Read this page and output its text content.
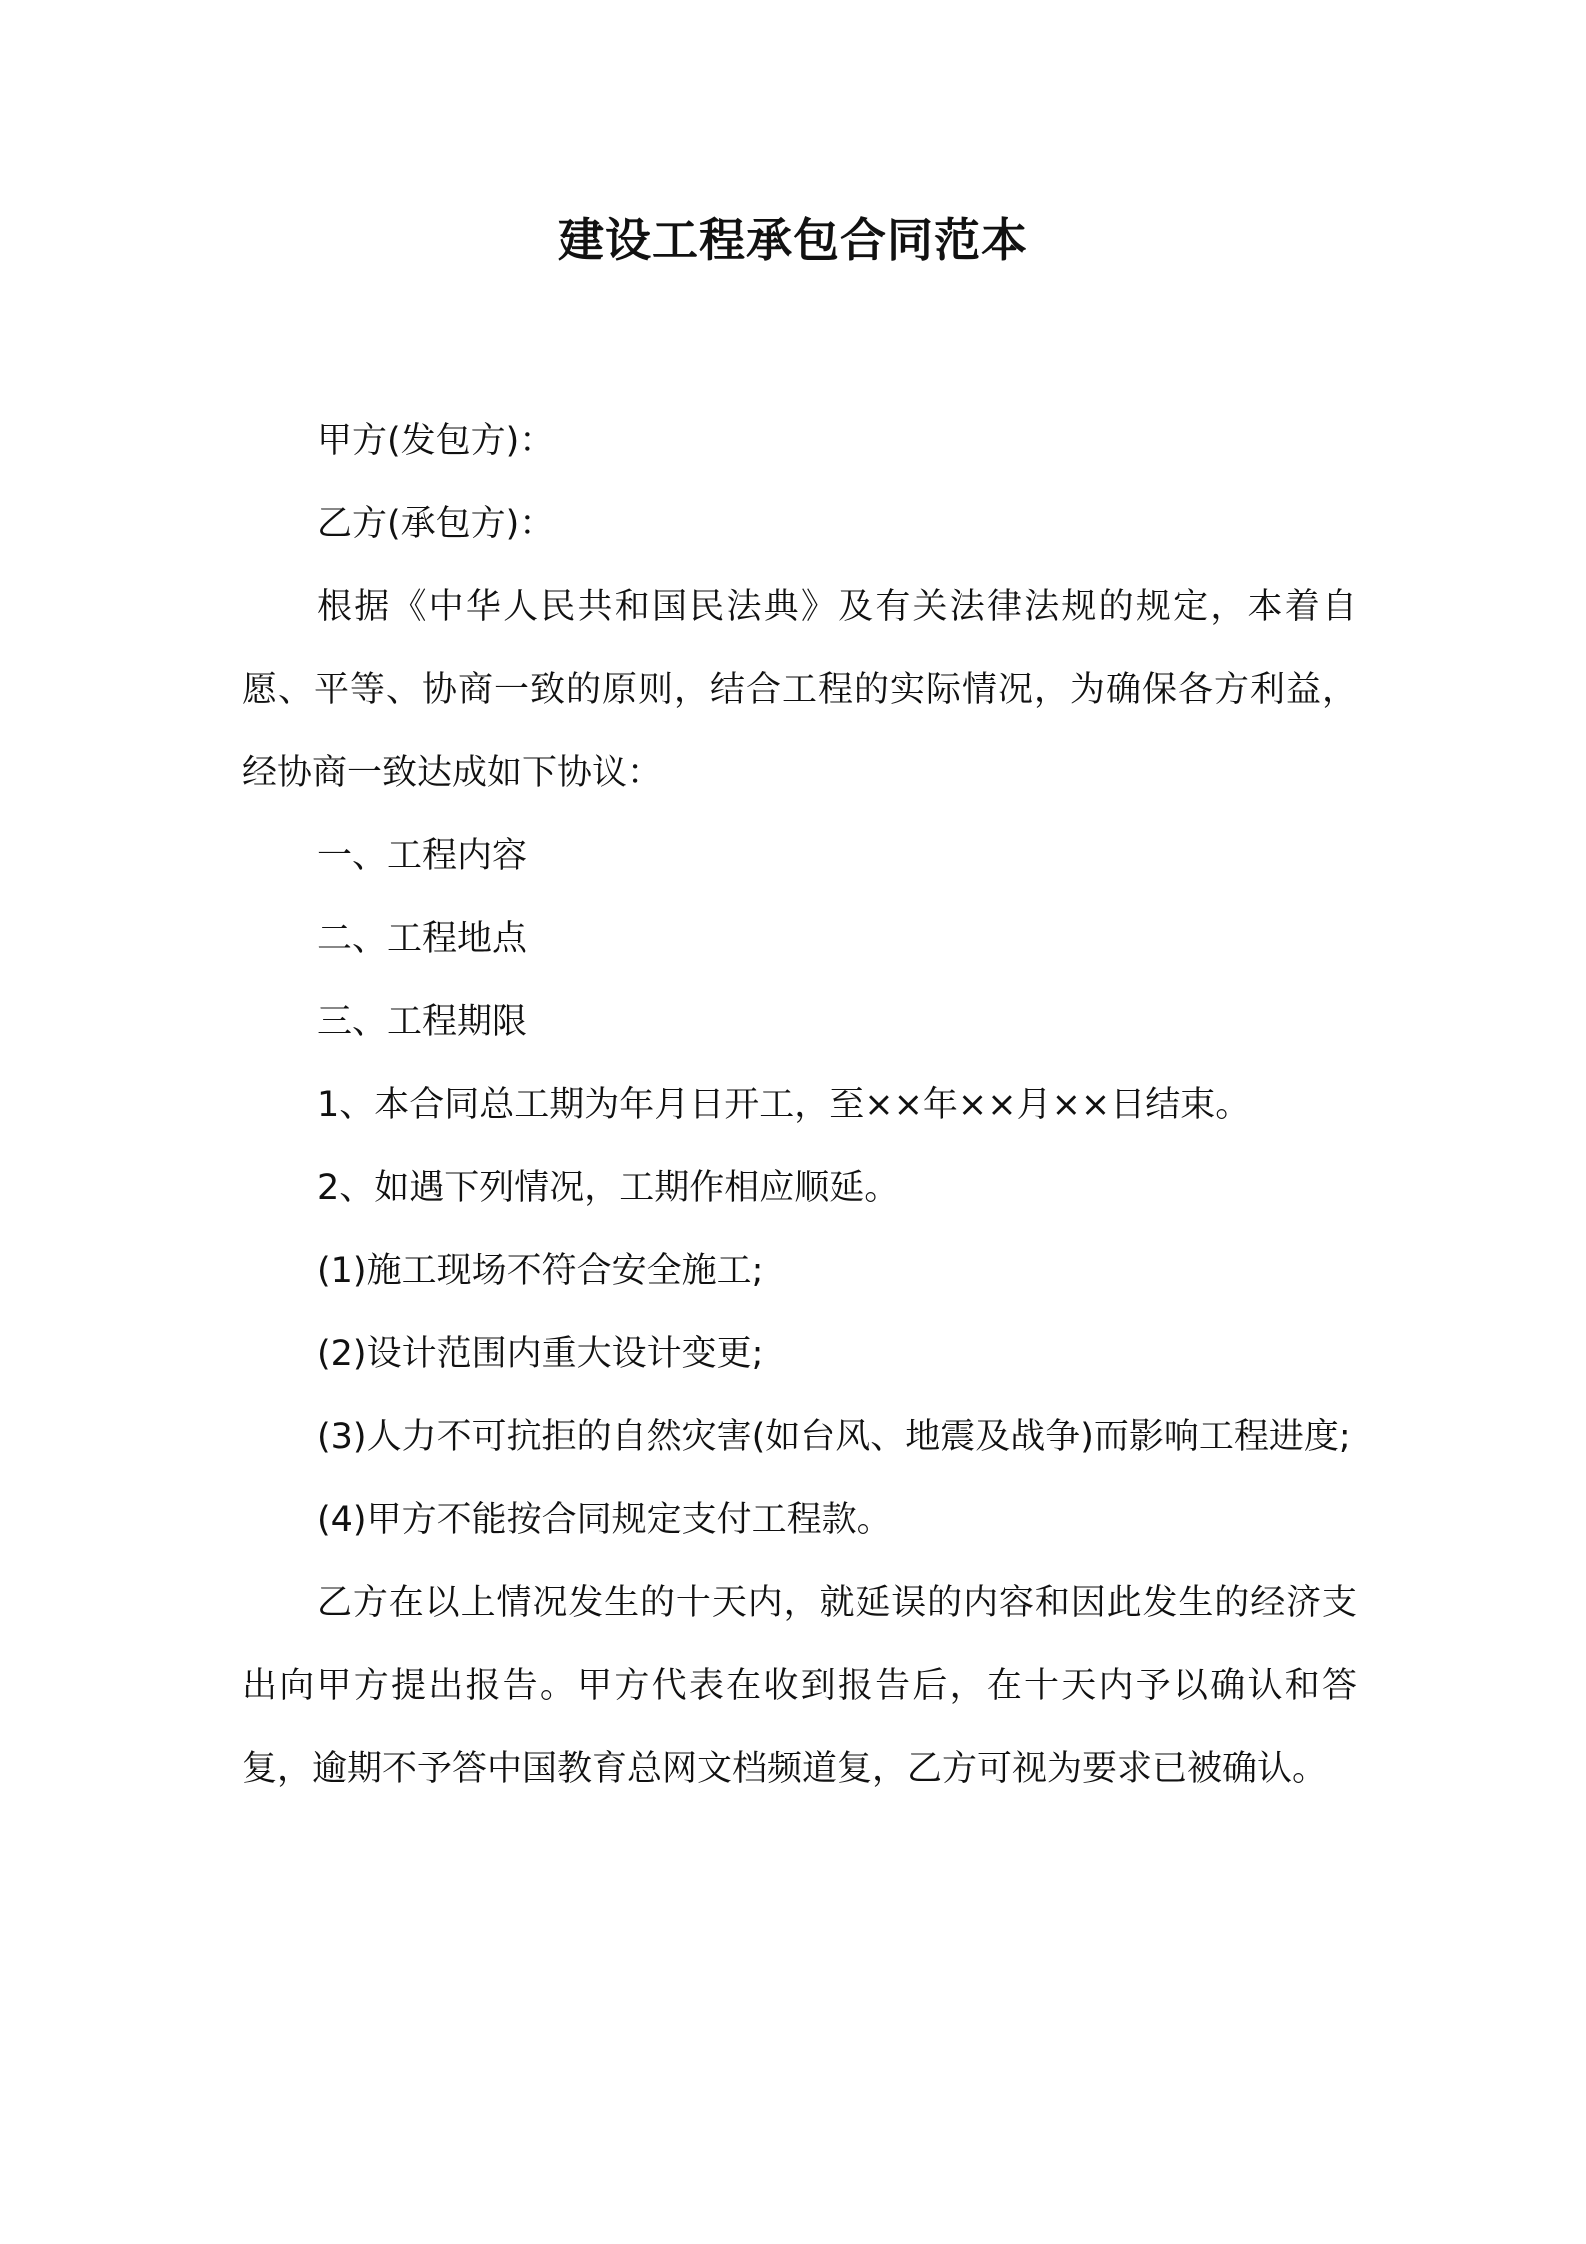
建设工程承包合同范本

甲方(发包方)：

乙方(承包方)：

根据《中华人民共和国民法典》及有关法律法规的规定，本着自愿、平等、协商一致的原则，结合工程的实际情况，为确保各方利益，经协商一致达成如下协议：

一、工程内容

二、工程地点

三、工程期限

1、本合同总工期为年月日开工，至××年××月××日结束。

2、如遇下列情况，工期作相应顺延。

(1)施工现场不符合安全施工;

(2)设计范围内重大设计变更;

(3)人力不可抗拒的自然灾害(如台风、地震及战争)而影响工程进度;

(4)甲方不能按合同规定支付工程款。

乙方在以上情况发生的十天内，就延误的内容和因此发生的经济支出向甲方提出报告。甲方代表在收到报告后，在十天内予以确认和答复，逾期不予答中国教育总网文档频道复，乙方可视为要求已被确认。
